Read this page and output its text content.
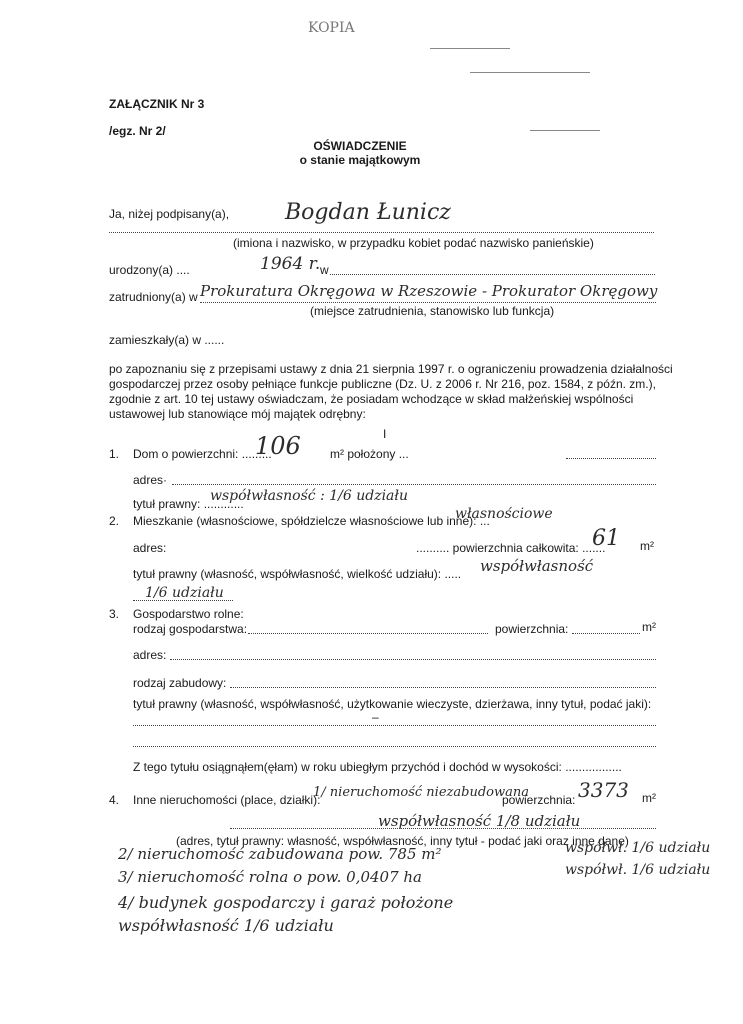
KOPIA
ZAŁĄCZNIK Nr 3
/egz. Nr 2/
OŚWIADCZENIE
o stanie majątkowym
Ja, niżej podpisany(a),	Bogdan Łunicz
(imiona i nazwisko, w przypadku kobiet podać nazwisko panieńskie)
urodzony(a) ....	1964 r. w
zatrudniony(a) w Prokuratura Okręgowa w Rzeszowie - Prokurator Okręgowy
(miejsce zatrudnienia, stanowisko lub funkcja)
zamieszkały(a) w ......
po zapoznaniu się z przepisami ustawy z dnia 21 sierpnia 1997 r. o ograniczeniu prowadzenia działalności
gospodarczej przez osoby pełniące funkcje publiczne (Dz. U. z 2006 r. Nr 216, poz. 1584, z późn. zm.),
zgodnie z art. 10 tej ustawy oświadczam, że posiadam wchodzące w skład małżeńskiej wspólności
ustawowej lub stanowiące mój majątek odrębny:
I
1. Dom o powierzchni: .........
106 m² położony ...
adres·
tytuł prawny: ............
współwłasność : 1/6 udziału
2. Mieszkanie (własnościowe, spółdzielcze własnościowe lub inne): ...
własnościowe
adres:	.......... powierzchnia całkowita: .......
61 m²
tytuł prawny (własność, współwłasność, wielkość udziału): ..... współwłasność
1/6 udziału
3. Gospodarstwo rolne:
rodzaj gospodarstwa:	powierzchnia:	m²
adres:
rodzaj zabudowy:
tytuł prawny (własność, współwłasność, użytkowanie wieczyste, dzierżawa, inny tytuł, podać jaki):
–
Z tego tytułu osiągnąłem(ęłam) w roku ubiegłym przychód i dochód w wysokości: .................
4. Inne nieruchomości (place, działki):
1/ nieruchomość niezabudowana
powierzchnia: 3373 m²
współwłasność 1/8 udziału
(adres, tytuł prawny: własność, współwłasność, inny tytuł - podać jaki oraz inne dane)
2/ nieruchomość zabudowana pow. 785 m²	współwł. 1/6 udziału
3/ nieruchomość rolna o pow. 0,0407 ha	współwł. 1/6 udziału
4/ budynek gospodarczy i garaż położone
współwłasność 1/6 udziału
